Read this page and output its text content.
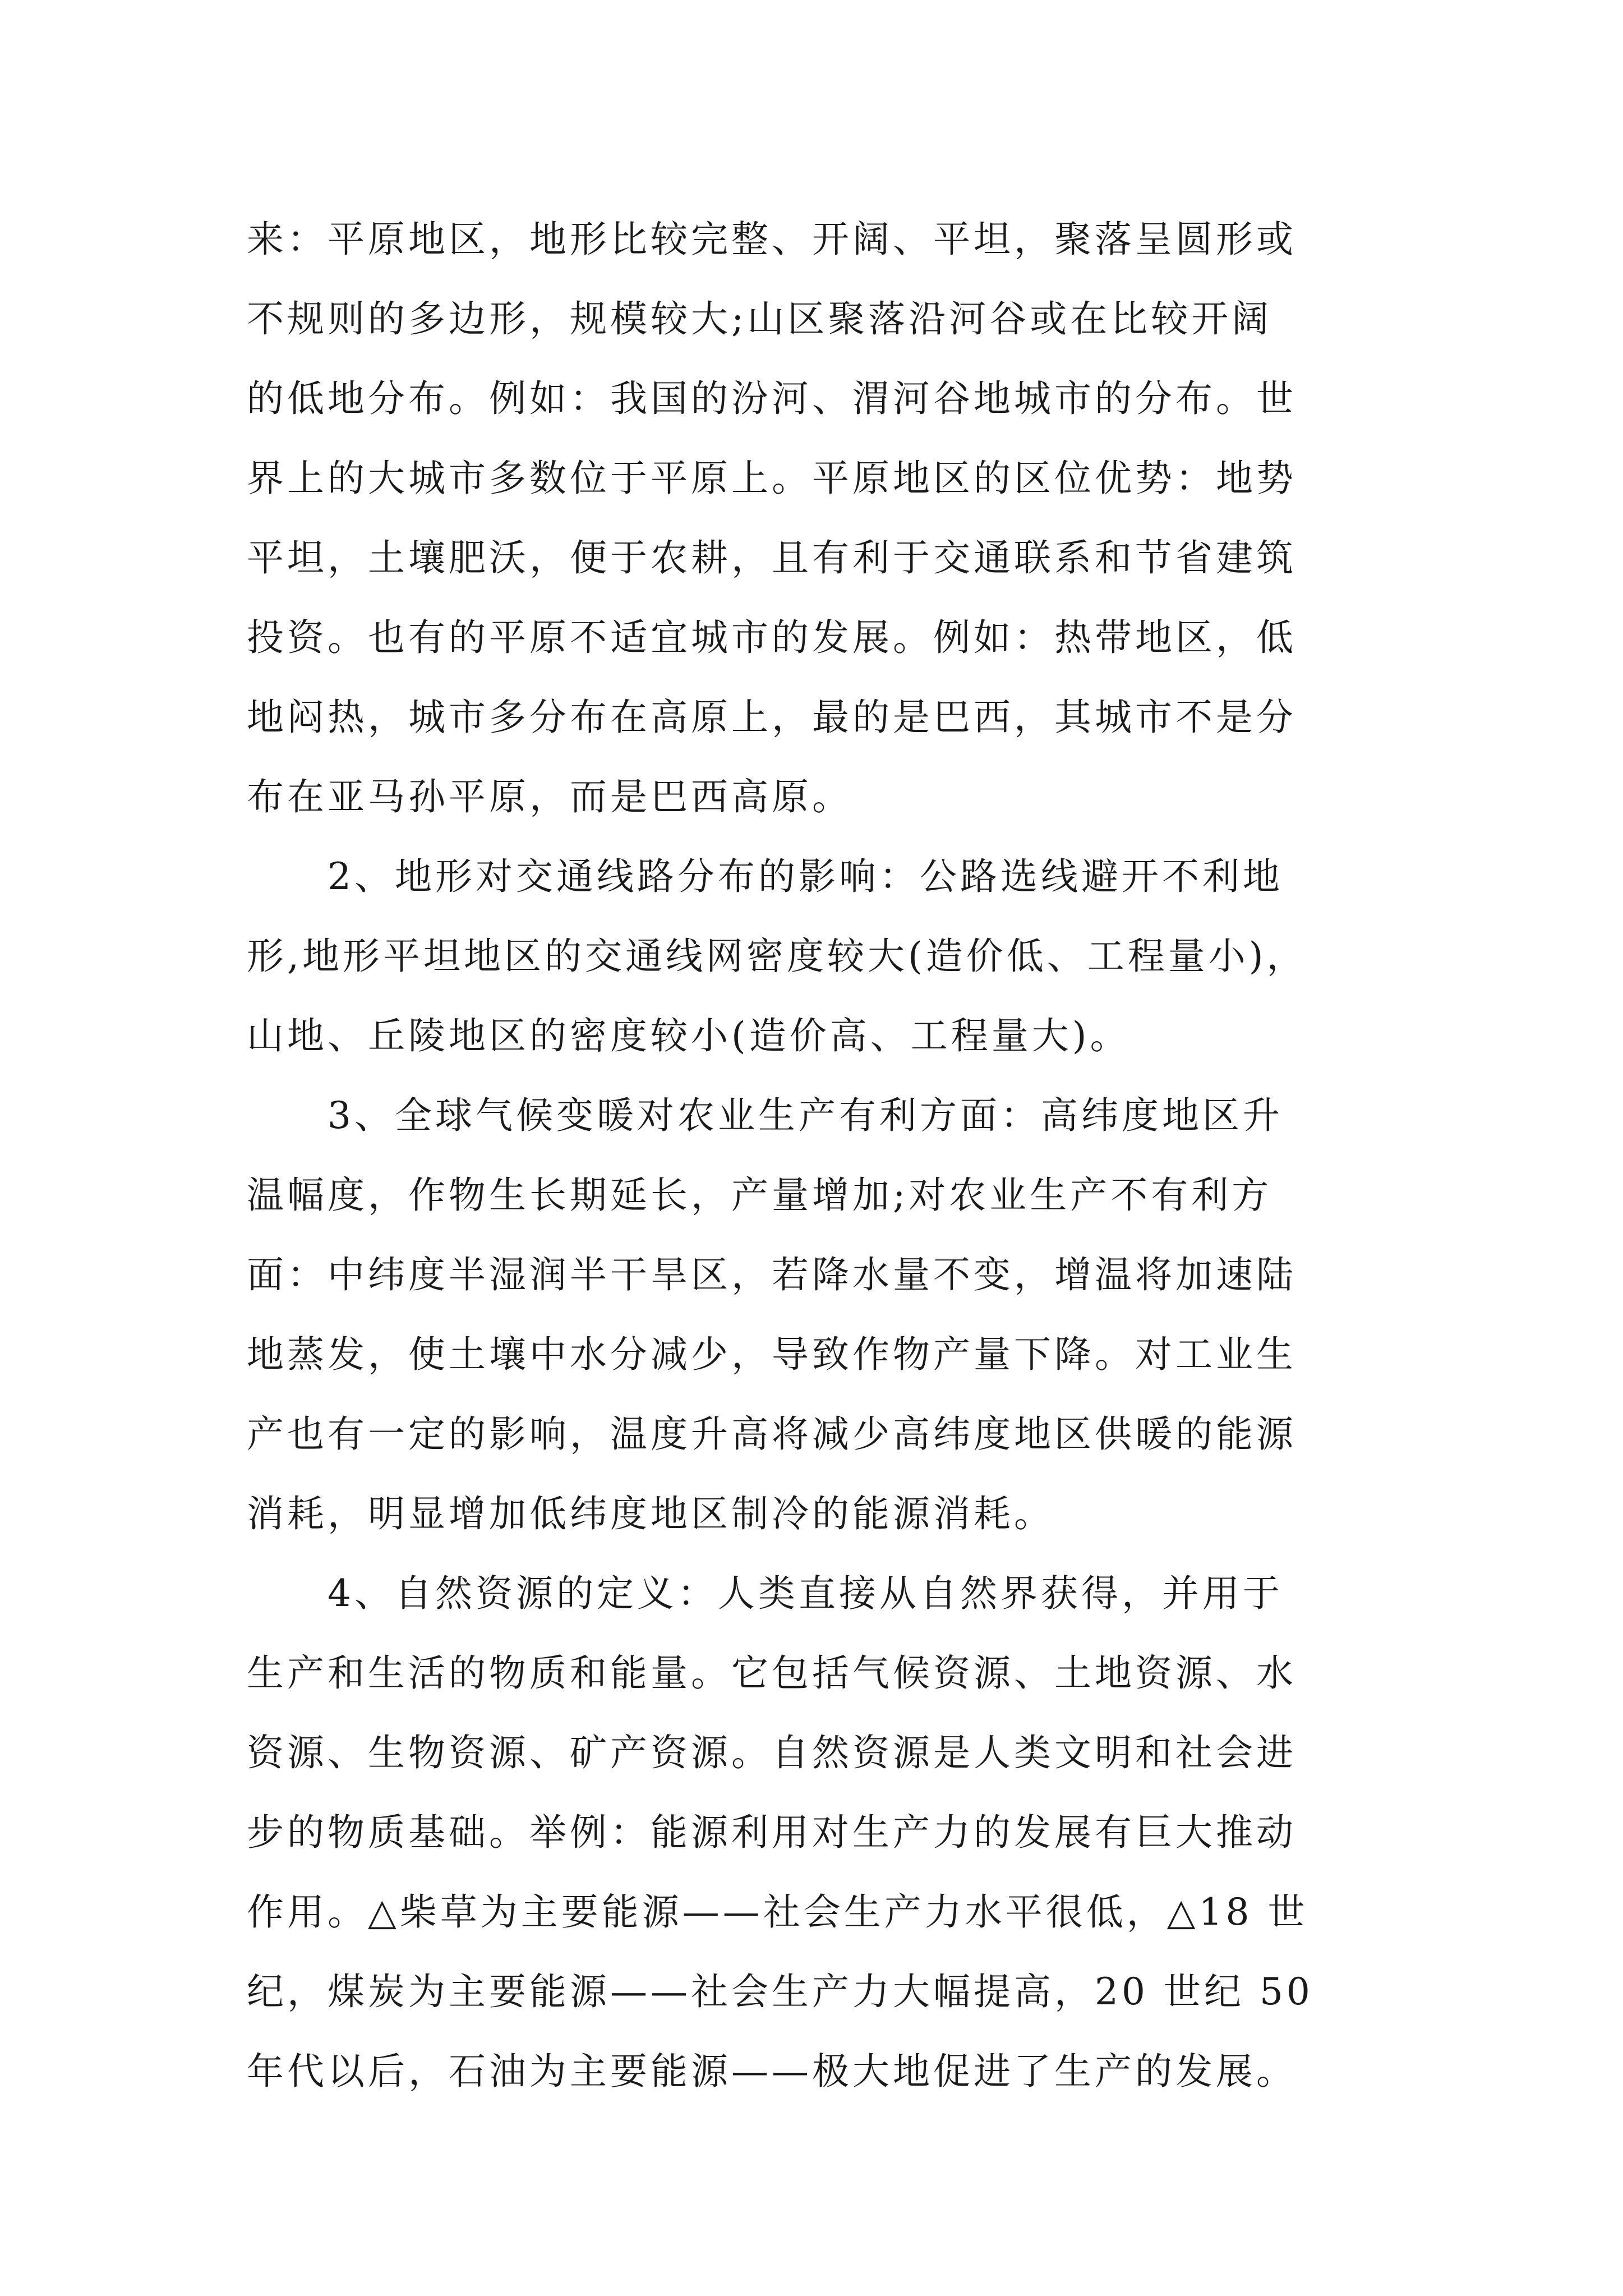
来：平原地区，地形比较完整、开阔、平坦，聚落呈圆形或
不规则的多边形，规模较大;山区聚落沿河谷或在比较开阔
的低地分布。例如：我国的汾河、渭河谷地城市的分布。世
界上的大城市多数位于平原上。平原地区的区位优势：地势
平坦，土壤肥沃，便于农耕，且有利于交通联系和节省建筑
投资。也有的平原不适宜城市的发展。例如：热带地区，低
地闷热，城市多分布在高原上，最的是巴西，其城市不是分
布在亚马孙平原，而是巴西高原。
　　2、地形对交通线路分布的影响：公路选线避开不利地
形,地形平坦地区的交通线网密度较大(造价低、工程量小)，
山地、丘陵地区的密度较小(造价高、工程量大)。
　　3、全球气候变暖对农业生产有利方面：高纬度地区升
温幅度，作物生长期延长，产量增加;对农业生产不有利方
面：中纬度半湿润半干旱区，若降水量不变，增温将加速陆
地蒸发，使土壤中水分减少，导致作物产量下降。对工业生
产也有一定的影响，温度升高将减少高纬度地区供暖的能源
消耗，明显增加低纬度地区制冷的能源消耗。
　　4、自然资源的定义：人类直接从自然界获得，并用于
生产和生活的物质和能量。它包括气候资源、土地资源、水
资源、生物资源、矿产资源。自然资源是人类文明和社会进
步的物质基础。举例：能源利用对生产力的发展有巨大推动
作用。△柴草为主要能源——社会生产力水平很低，△18 世
纪，煤炭为主要能源——社会生产力大幅提高，20 世纪 50
年代以后，石油为主要能源——极大地促进了生产的发展。
